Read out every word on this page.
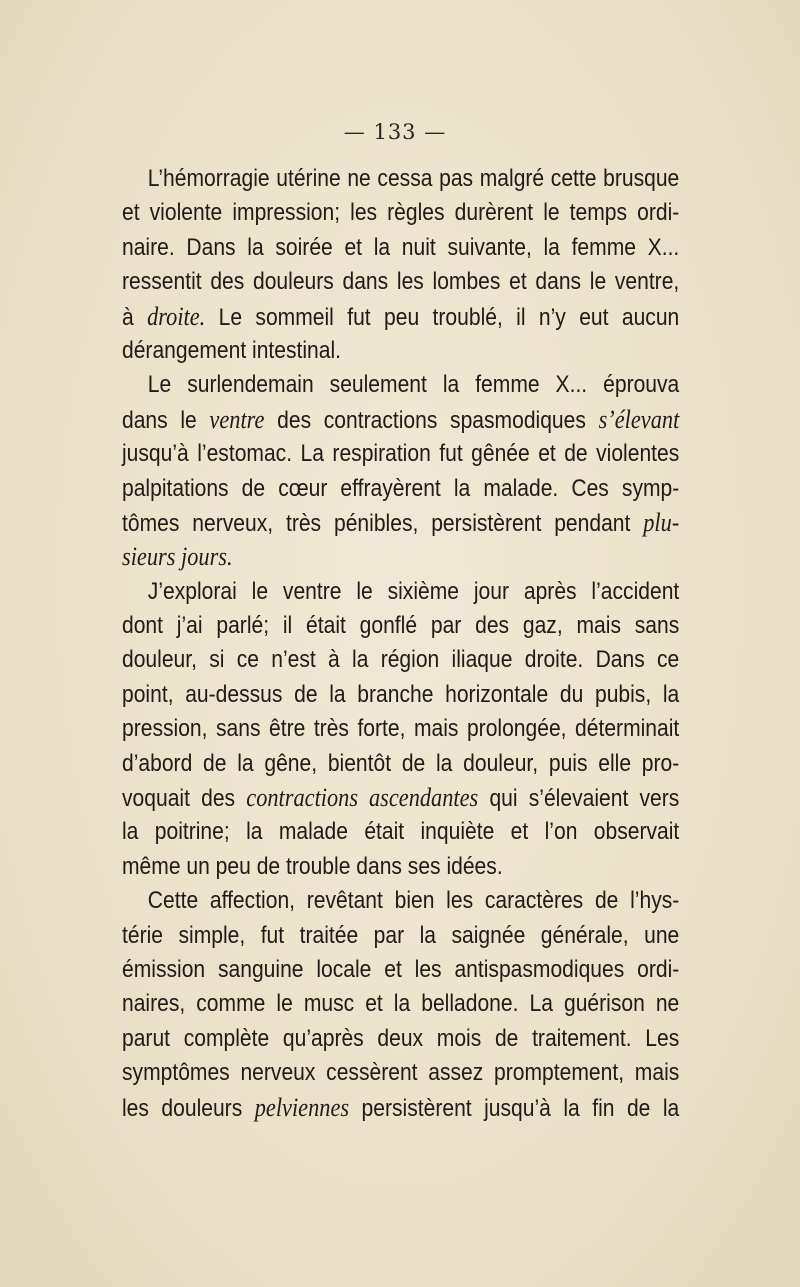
— 133 —
L’hémorragie utérine ne cessa pas malgré cette brusque
et violente impression; les règles durèrent le temps ordi-
naire. Dans la soirée et la nuit suivante, la femme X...
ressentit des douleurs dans les lombes et dans le ventre,
à droite. Le sommeil fut peu troublé, il n’y eut aucun
dérangement intestinal.
Le surlendemain seulement la femme X... éprouva
dans le ventre des contractions spasmodiques s’élevant
jusqu’à l’estomac. La respiration fut gênée et de violentes
palpitations de cœur effrayèrent la malade. Ces symp-
tômes nerveux, très pénibles, persistèrent pendant plu-
sieurs jours.
J’explorai le ventre le sixième jour après l’accident
dont j’ai parlé; il était gonflé par des gaz, mais sans
douleur, si ce n’est à la région iliaque droite. Dans ce
point, au-dessus de la branche horizontale du pubis, la
pression, sans être très forte, mais prolongée, déterminait
d’abord de la gêne, bientôt de la douleur, puis elle pro-
voquait des contractions ascendantes qui s’élevaient vers
la poitrine; la malade était inquiète et l’on observait
même un peu de trouble dans ses idées.
Cette affection, revêtant bien les caractères de l’hys-
térie simple, fut traitée par la saignée générale, une
émission sanguine locale et les antispasmodiques ordi-
naires, comme le musc et la belladone. La guérison ne
parut complète qu’après deux mois de traitement. Les
symptômes nerveux cessèrent assez promptement, mais
les douleurs pelviennes persistèrent jusqu’à la fin de la
